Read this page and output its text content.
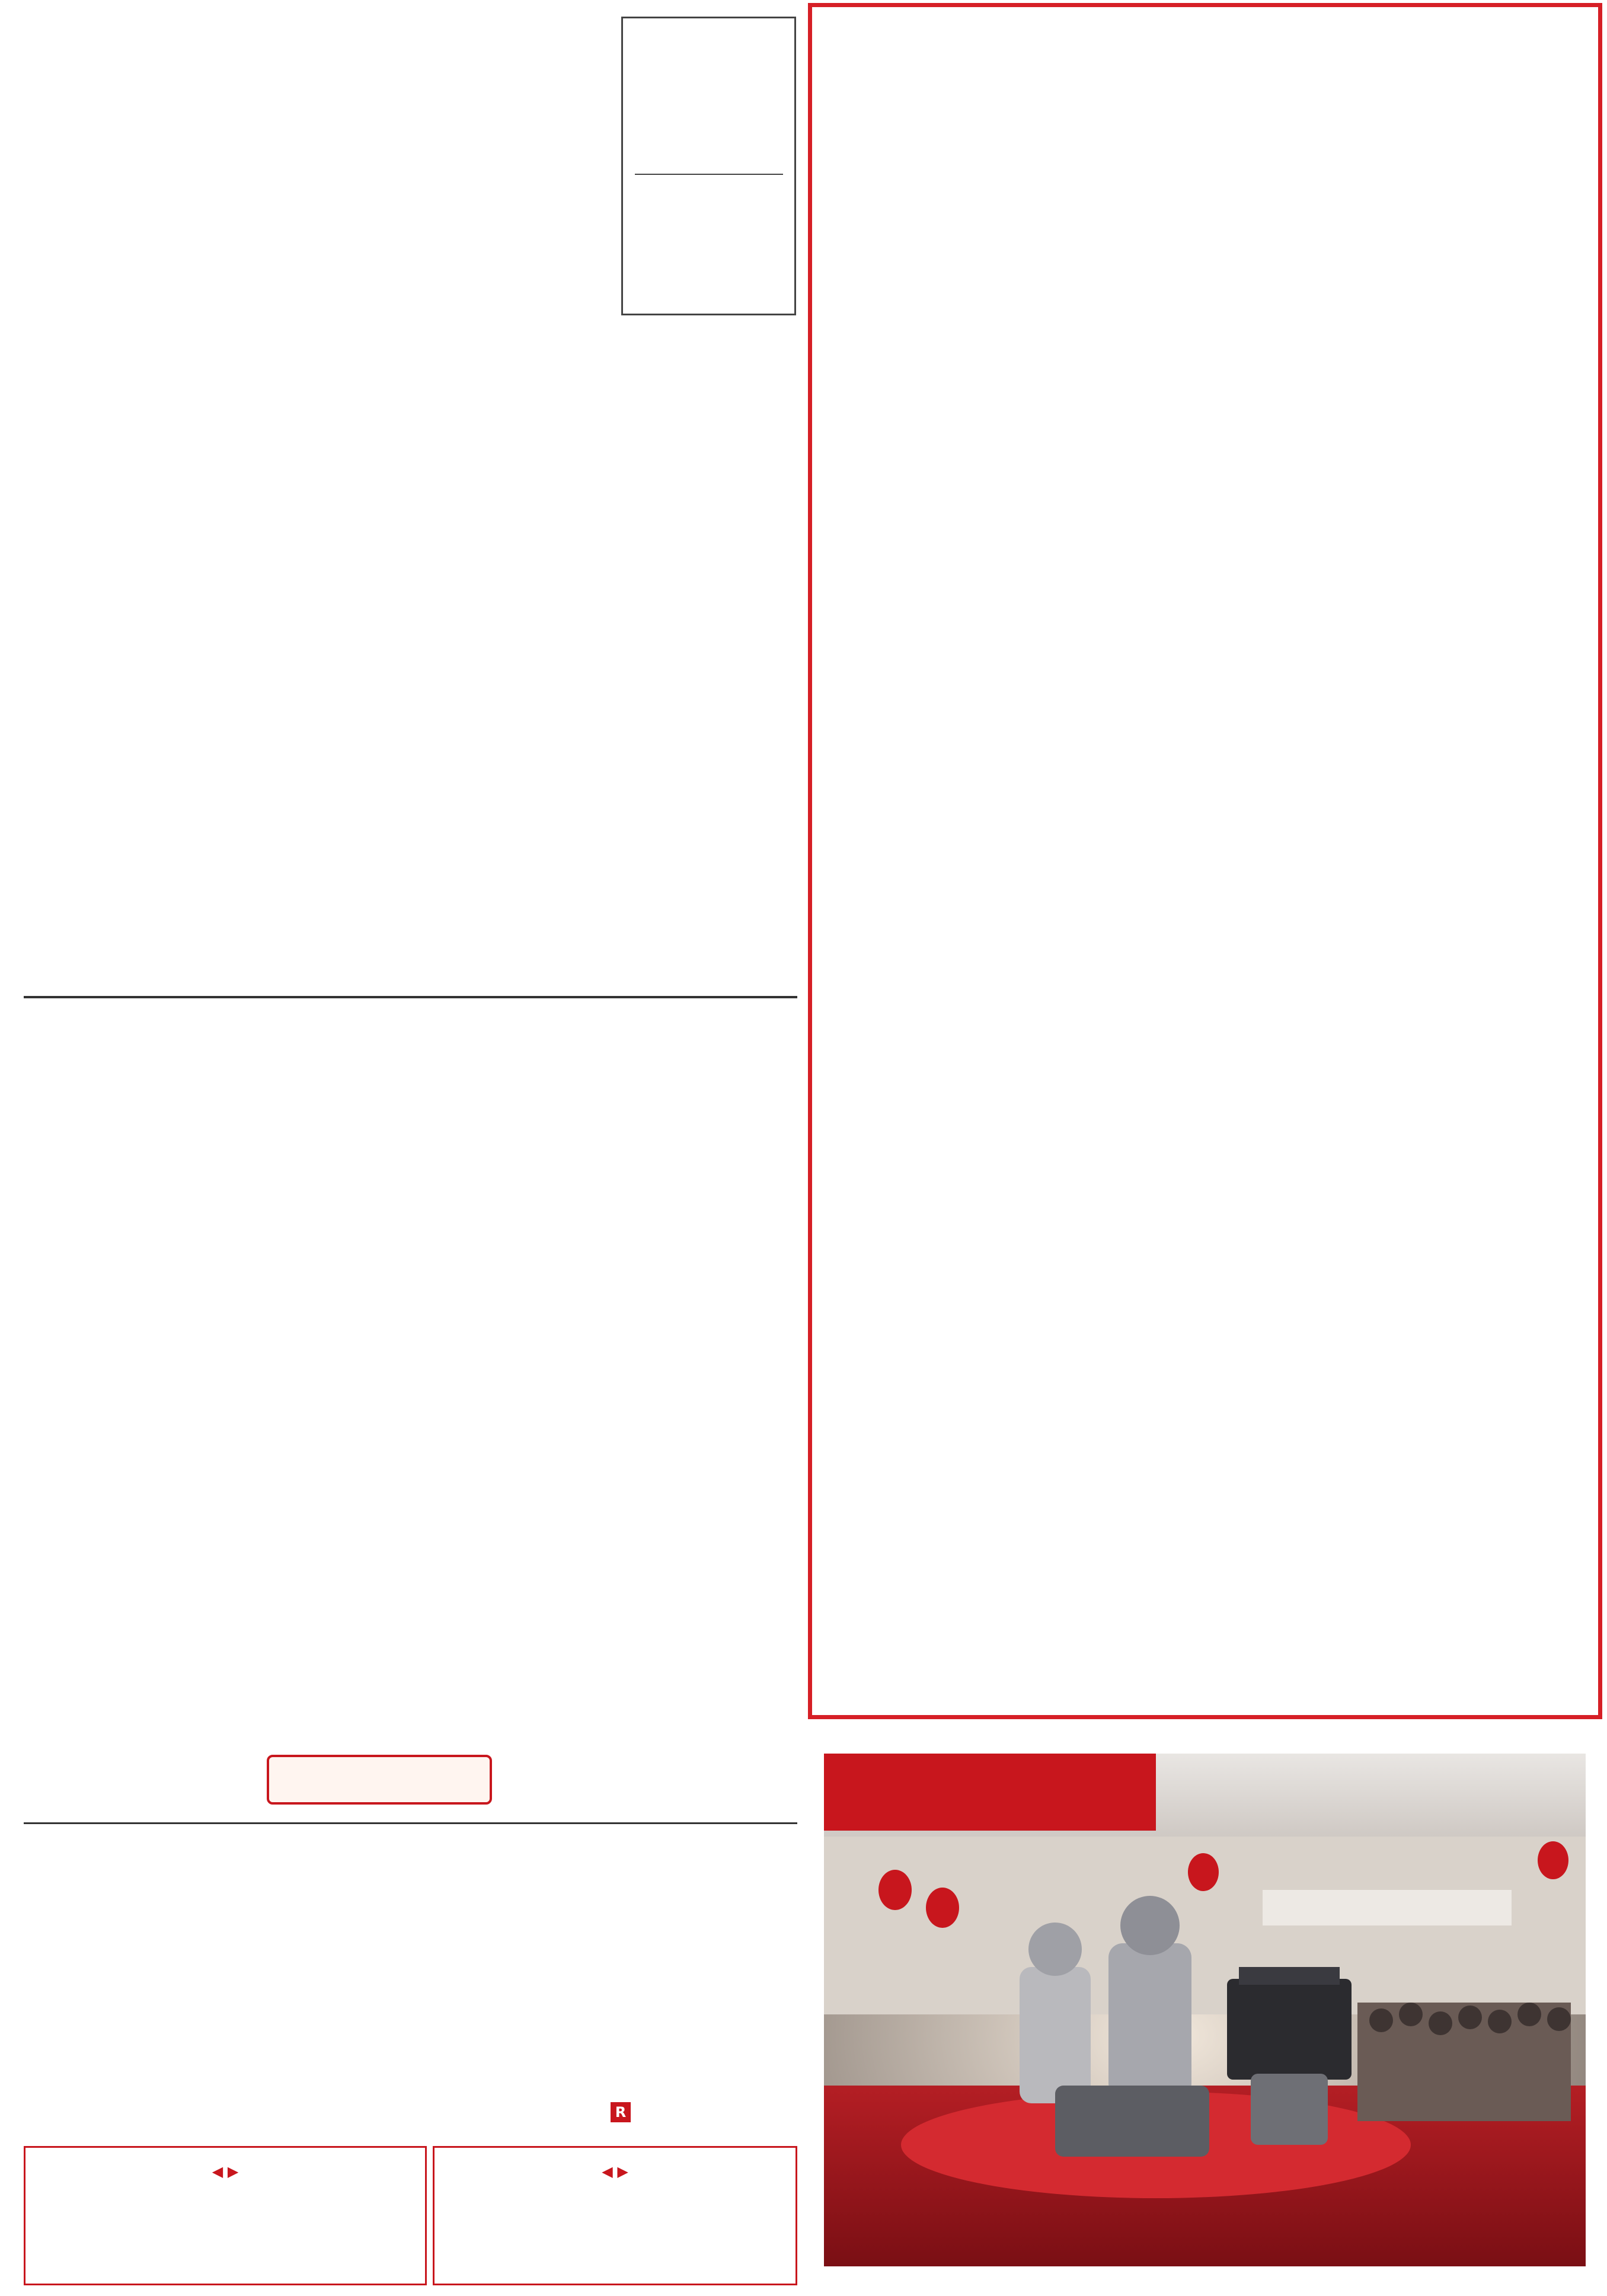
R
◀ ▶	◀ ▶
